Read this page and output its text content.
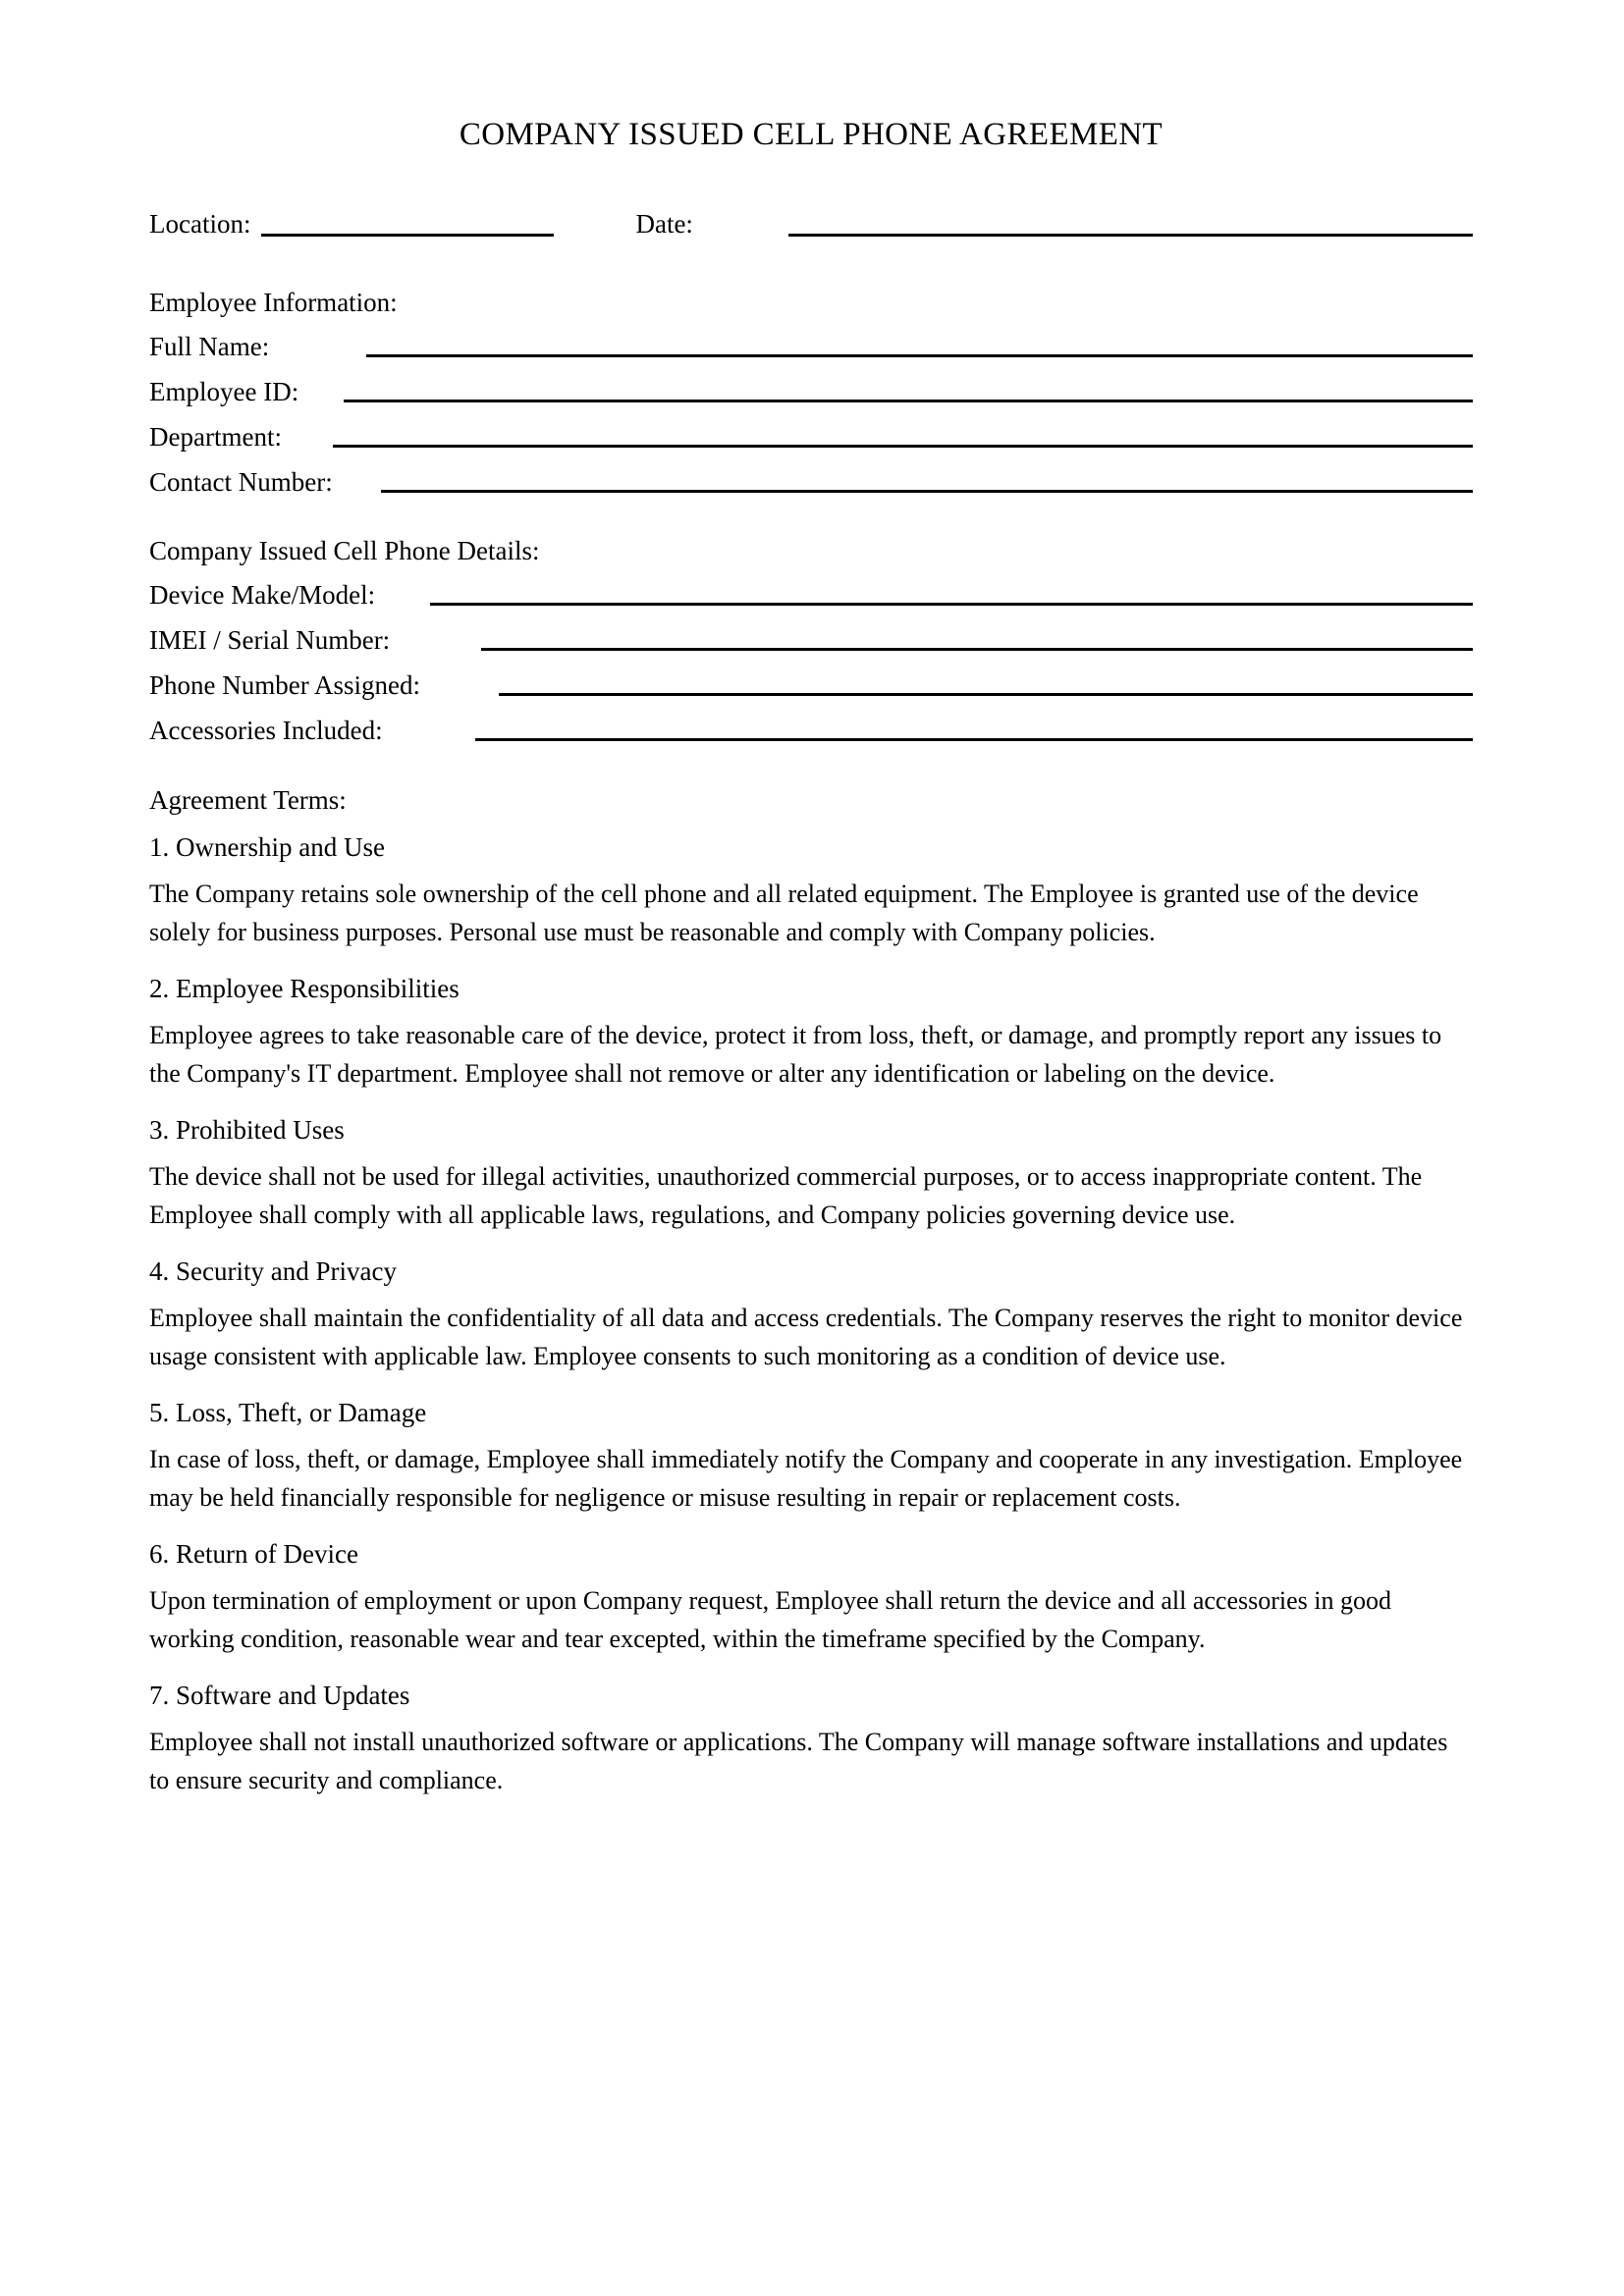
COMPANY ISSUED CELL PHONE AGREEMENT
Location:	Date:
Employee Information:
Full Name:
Employee ID:
Department:
Contact Number:
Company Issued Cell Phone Details:
Device Make/Model:
IMEI / Serial Number:
Phone Number Assigned:
Accessories Included:
Agreement Terms:
1. Ownership and Use
The Company retains sole ownership of the cell phone and all related equipment. The Employee is granted use of the device solely for business purposes. Personal use must be reasonable and comply with Company policies.
2. Employee Responsibilities
Employee agrees to take reasonable care of the device, protect it from loss, theft, or damage, and promptly report any issues to the Company's IT department. Employee shall not remove or alter any identification or labeling on the device.
3. Prohibited Uses
The device shall not be used for illegal activities, unauthorized commercial purposes, or to access inappropriate content. The Employee shall comply with all applicable laws, regulations, and Company policies governing device use.
4. Security and Privacy
Employee shall maintain the confidentiality of all data and access credentials. The Company reserves the right to monitor device usage consistent with applicable law. Employee consents to such monitoring as a condition of device use.
5. Loss, Theft, or Damage
In case of loss, theft, or damage, Employee shall immediately notify the Company and cooperate in any investigation. Employee may be held financially responsible for negligence or misuse resulting in repair or replacement costs.
6. Return of Device
Upon termination of employment or upon Company request, Employee shall return the device and all accessories in good working condition, reasonable wear and tear excepted, within the timeframe specified by the Company.
7. Software and Updates
Employee shall not install unauthorized software or applications. The Company will manage software installations and updates to ensure security and compliance.
